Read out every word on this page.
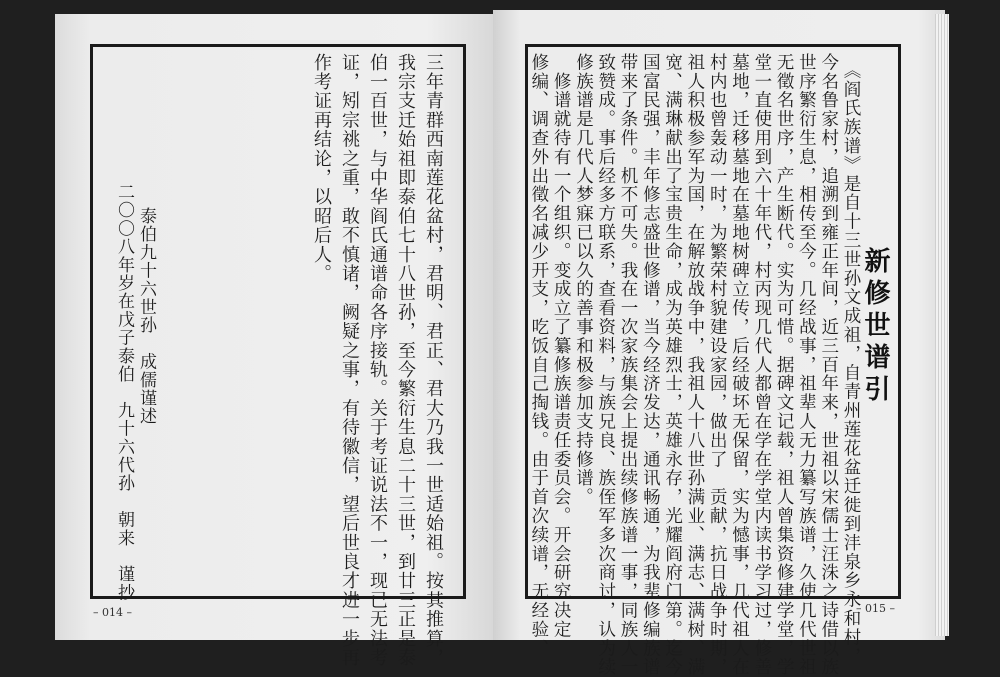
三年青群西南莲花盆村，君明、君正、君大乃我一世适始祖。按其推算，
我宗支迁始祖即泰伯七十八世孙，至今繁衍生息二十三世，到廿三正是泰
伯一百世，与中华阎氏通谱命各序接轨。关于考证说法不一，现已无法考
证，矧宗祧之重，敢不慎诸，阙疑之事，有待徽信，望后世良才进一步再
作考证再结论，以昭后人。
泰伯九十六世孙　成儒谨述
二〇〇八年岁在戊子泰伯　九十六代孙　朝来　谨抄
– 014 –
新修世谱引
《阎氏族谱》是自十三世孙文成祖，自青州莲花盆迁徙到沣泉乡永和村，
今名鲁家村，追溯到雍正年间，近三百年来，世祖以宋儒士汪洙之诗借以族
世序繁衍生息，相传至今。几经战事，祖辈人无力纂写族谱，久使几代世祖
无徵名世序，产生断代。实为可惜。据碑文记载，祖人曾集资修建学堂，学
堂一直使用到六十年代，村丙现几代人都曾在学在学堂内读书学习过，修善
墓地，迁移墓地在墓地树碑立传，后经破坏无保留，实为憾事，几代祖人在
村内也曾轰动一时，为繁荣村貌建设家园，做出了　贡献，抗日战争时期，
祖人积极参军为国，在解放战争中，我祖人十八世孙满业、满志、满树、满
宽、满琳献出了宝贵生命，成为英雄烈士，英雄永存，光耀阎府门第。迄今
国富民强，丰年修志盛世修谱，当今经济发达，通讯畅通，为我辈修编族谱
带来了条件。机不可失。我在一次家族集会上提出续修族谱一事，同族人一
致赞成。事后经多方联系，查看资料，与族兄良、族侄军多次商讨，认为续
修族谱是几代人梦寐已以久的善事和极参加支持修谱。
　修谱就待有一个组织。变成立了纂修族谱责任委员会。开会研究决定
修编、调查外出徵名减少开支，吃饭自己掏钱。由于首次续谱，无经验、	– 015 –
